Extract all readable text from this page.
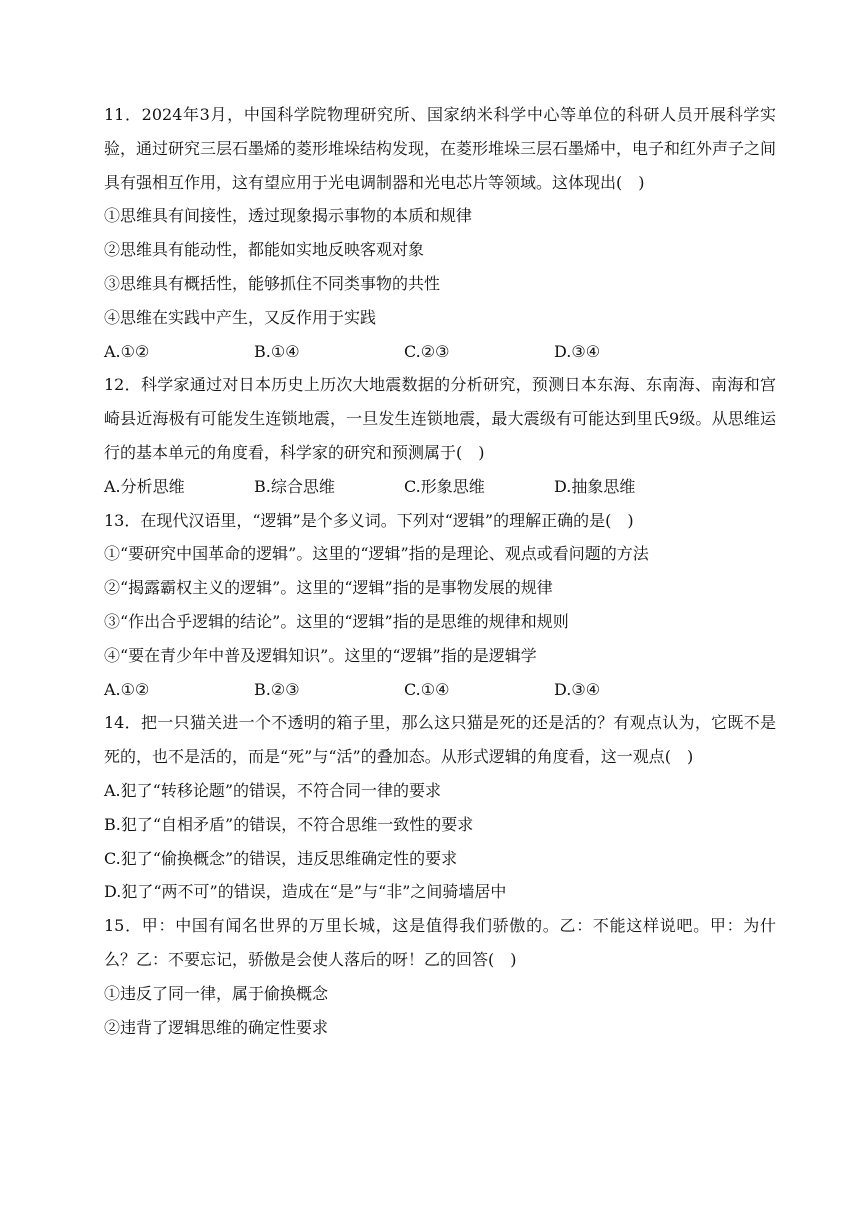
11．2024年3月，中国科学院物理研究所、国家纳米科学中心等单位的科研人员开展科学实验，通过研究三层石墨烯的菱形堆垛结构发现，在菱形堆垛三层石墨烯中，电子和红外声子之间具有强相互作用，这有望应用于光电调制器和光电芯片等领域。这体现出(　)

①思维具有间接性，透过现象揭示事物的本质和规律

②思维具有能动性，都能如实地反映客观对象

③思维具有概括性，能够抓住不同类事物的共性

④思维在实践中产生，又反作用于实践

A.①②	B.①④	C.②③	D.③④

12．科学家通过对日本历史上历次大地震数据的分析研究，预测日本东海、东南海、南海和宫崎县近海极有可能发生连锁地震，一旦发生连锁地震，最大震级有可能达到里氏9级。从思维运行的基本单元的角度看，科学家的研究和预测属于(　)

A.分析思维	B.综合思维	C.形象思维	D.抽象思维

13．在现代汉语里，“逻辑”是个多义词。下列对“逻辑”的理解正确的是(　)

①“要研究中国革命的逻辑”。这里的“逻辑”指的是理论、观点或看问题的方法

②“揭露霸权主义的逻辑”。这里的“逻辑”指的是事物发展的规律

③“作出合乎逻辑的结论”。这里的“逻辑”指的是思维的规律和规则

④“要在青少年中普及逻辑知识”。这里的“逻辑”指的是逻辑学

A.①②	B.②③	C.①④	D.③④

14．把一只猫关进一个不透明的箱子里，那么这只猫是死的还是活的？有观点认为，它既不是死的，也不是活的，而是“死”与“活”的叠加态。从形式逻辑的角度看，这一观点(　)

A.犯了“转移论题”的错误，不符合同一律的要求

B.犯了“自相矛盾”的错误，不符合思维一致性的要求

C.犯了“偷换概念”的错误，违反思维确定性的要求

D.犯了“两不可”的错误，造成在“是”与“非”之间骑墙居中

15．甲：中国有闻名世界的万里长城，这是值得我们骄傲的。乙：不能这样说吧。甲：为什么？乙：不要忘记，骄傲是会使人落后的呀！乙的回答(　)

①违反了同一律，属于偷换概念

②违背了逻辑思维的确定性要求
